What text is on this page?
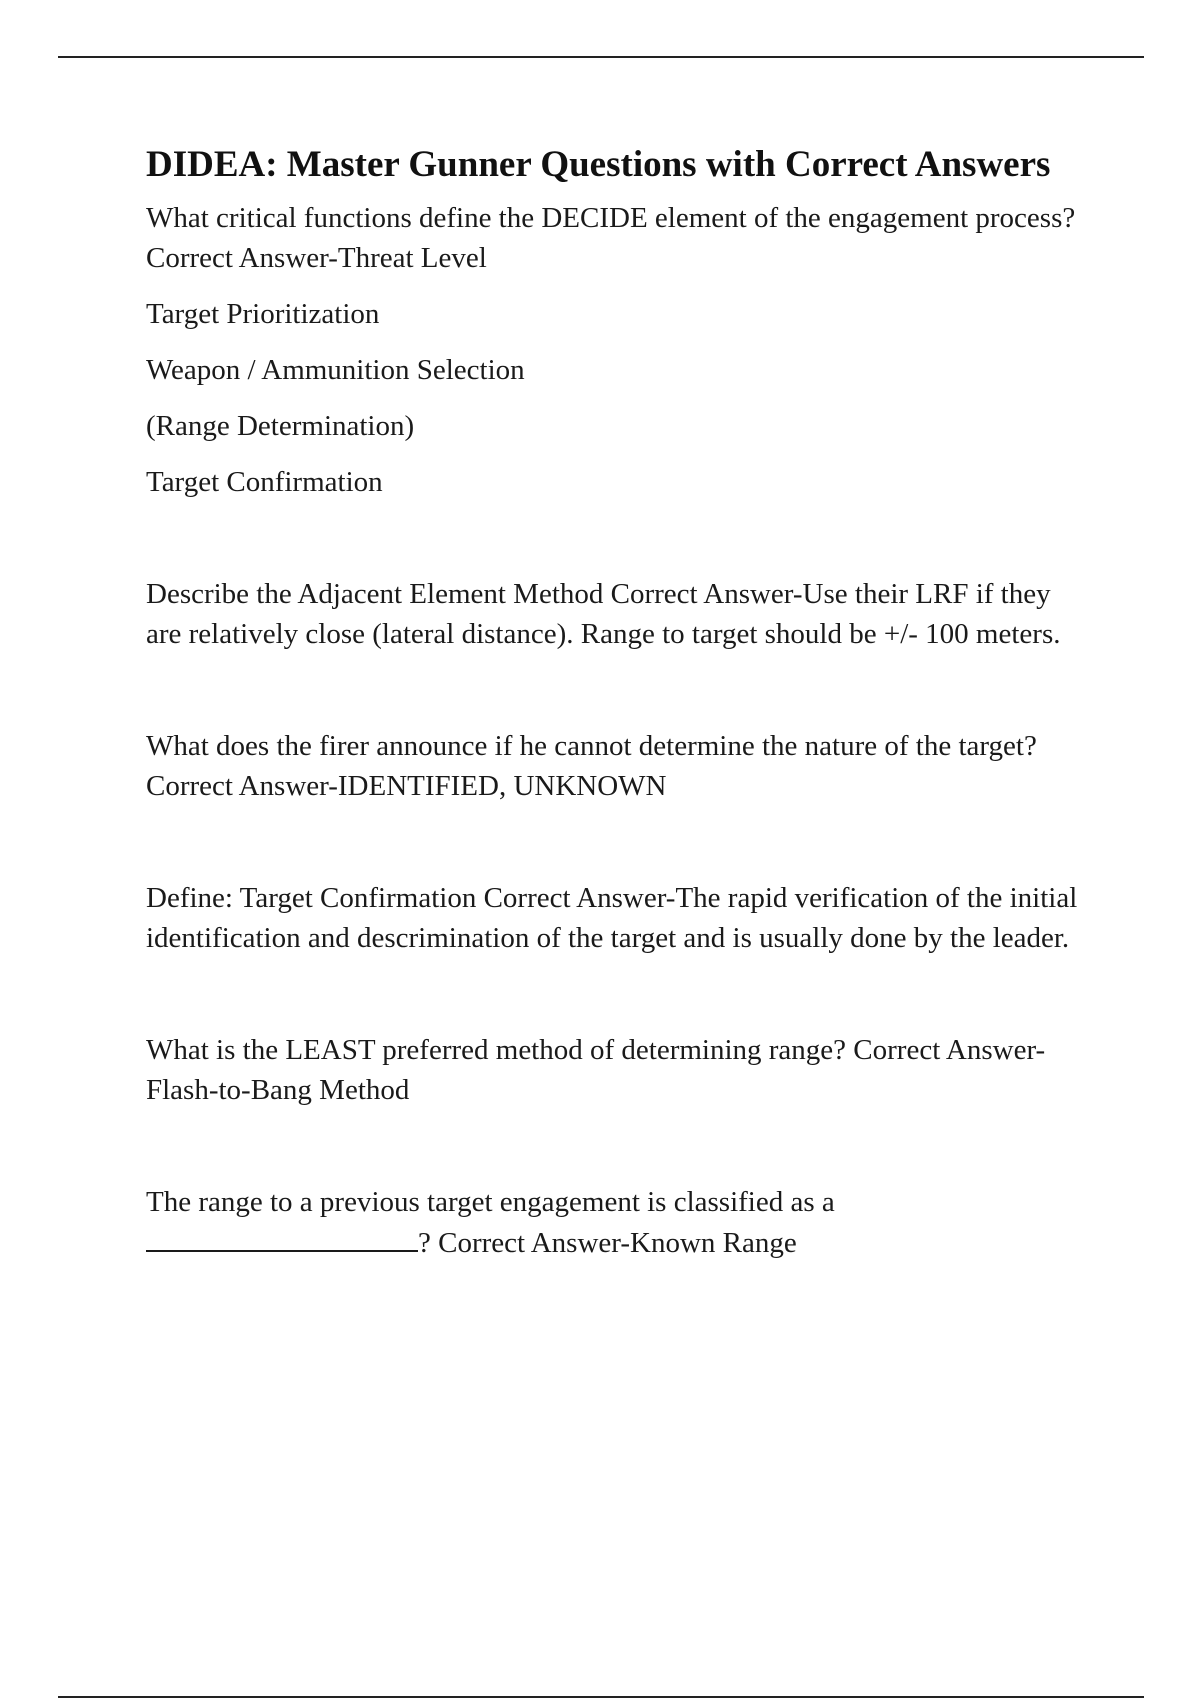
DIDEA: Master Gunner Questions with Correct Answers

What critical functions define the DECIDE element of the engagement process? Correct Answer-Threat Level

Target Prioritization

Weapon / Ammunition Selection

(Range Determination)

Target Confirmation

Describe the Adjacent Element Method Correct Answer-Use their LRF if they are relatively close (lateral distance). Range to target should be +/- 100 meters.

What does the firer announce if he cannot determine the nature of the target? Correct Answer-IDENTIFIED, UNKNOWN

Define: Target Confirmation Correct Answer-The rapid verification of the initial identification and descrimination of the target and is usually done by the leader.

What is the LEAST preferred method of determining range? Correct Answer-Flash-to-Bang Method

The range to a previous target engagement is classified as a
? Correct Answer-Known Range
